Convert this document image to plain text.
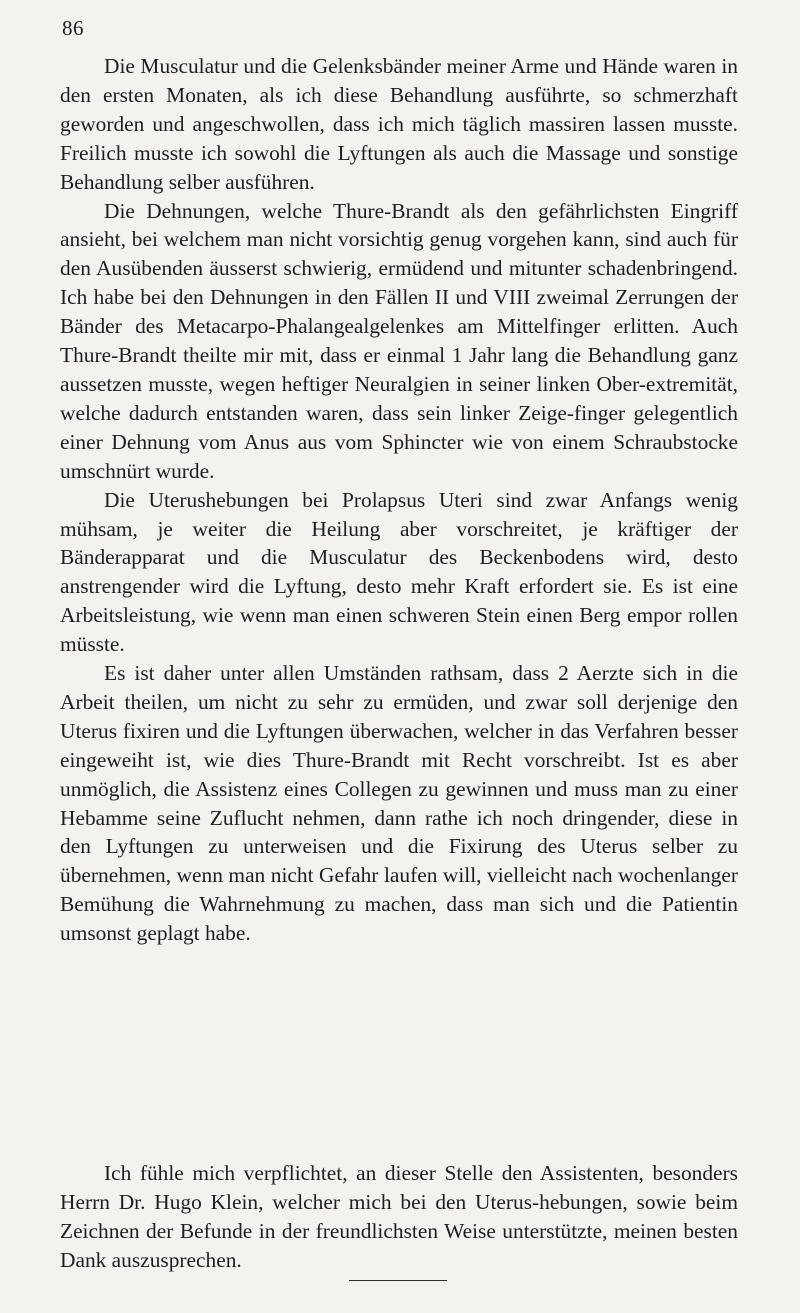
86

Die Musculatur und die Gelenksbänder meiner Arme und Hände waren in den ersten Monaten, als ich diese Behandlung ausführte, so schmerzhaft geworden und angeschwollen, dass ich mich täglich massiren lassen musste. Freilich musste ich sowohl die Lyftungen als auch die Massage und sonstige Behandlung selber ausführen.

Die Dehnungen, welche Thure-Brandt als den gefährlichsten Eingriff ansieht, bei welchem man nicht vorsichtig genug vorgehen kann, sind auch für den Ausübenden äusserst schwierig, ermüdend und mitunter schadenbringend. Ich habe bei den Dehnungen in den Fällen II und VIII zweimal Zerrungen der Bänder des Metacarpo-Phalangealgelenkes am Mittelfinger erlitten. Auch Thure-Brandt theilte mir mit, dass er einmal 1 Jahr lang die Behandlung ganz aussetzen musste, wegen heftiger Neuralgien in seiner linken Ober-extremität, welche dadurch entstanden waren, dass sein linker Zeige-finger gelegentlich einer Dehnung vom Anus aus vom Sphincter wie von einem Schraubstocke umschnürt wurde.

Die Uterushebungen bei Prolapsus Uteri sind zwar Anfangs wenig mühsam, je weiter die Heilung aber vorschreitet, je kräftiger der Bänderapparat und die Musculatur des Beckenbodens wird, desto anstrengender wird die Lyftung, desto mehr Kraft erfordert sie. Es ist eine Arbeitsleistung, wie wenn man einen schweren Stein einen Berg empor rollen müsste.

Es ist daher unter allen Umständen rathsam, dass 2 Aerzte sich in die Arbeit theilen, um nicht zu sehr zu ermüden, und zwar soll derjenige den Uterus fixiren und die Lyftungen überwachen, welcher in das Verfahren besser eingeweiht ist, wie dies Thure-Brandt mit Recht vorschreibt. Ist es aber unmöglich, die Assistenz eines Collegen zu gewinnen und muss man zu einer Hebamme seine Zuflucht nehmen, dann rathe ich noch dringender, diese in den Lyftungen zu unterweisen und die Fixirung des Uterus selber zu übernehmen, wenn man nicht Gefahr laufen will, vielleicht nach wochenlanger Bemühung die Wahrnehmung zu machen, dass man sich und die Patientin umsonst geplagt habe.

Ich fühle mich verpflichtet, an dieser Stelle den Assistenten, besonders Herrn Dr. Hugo Klein, welcher mich bei den Uterus-hebungen, sowie beim Zeichnen der Befunde in der freundlichsten Weise unterstützte, meinen besten Dank auszusprechen.
